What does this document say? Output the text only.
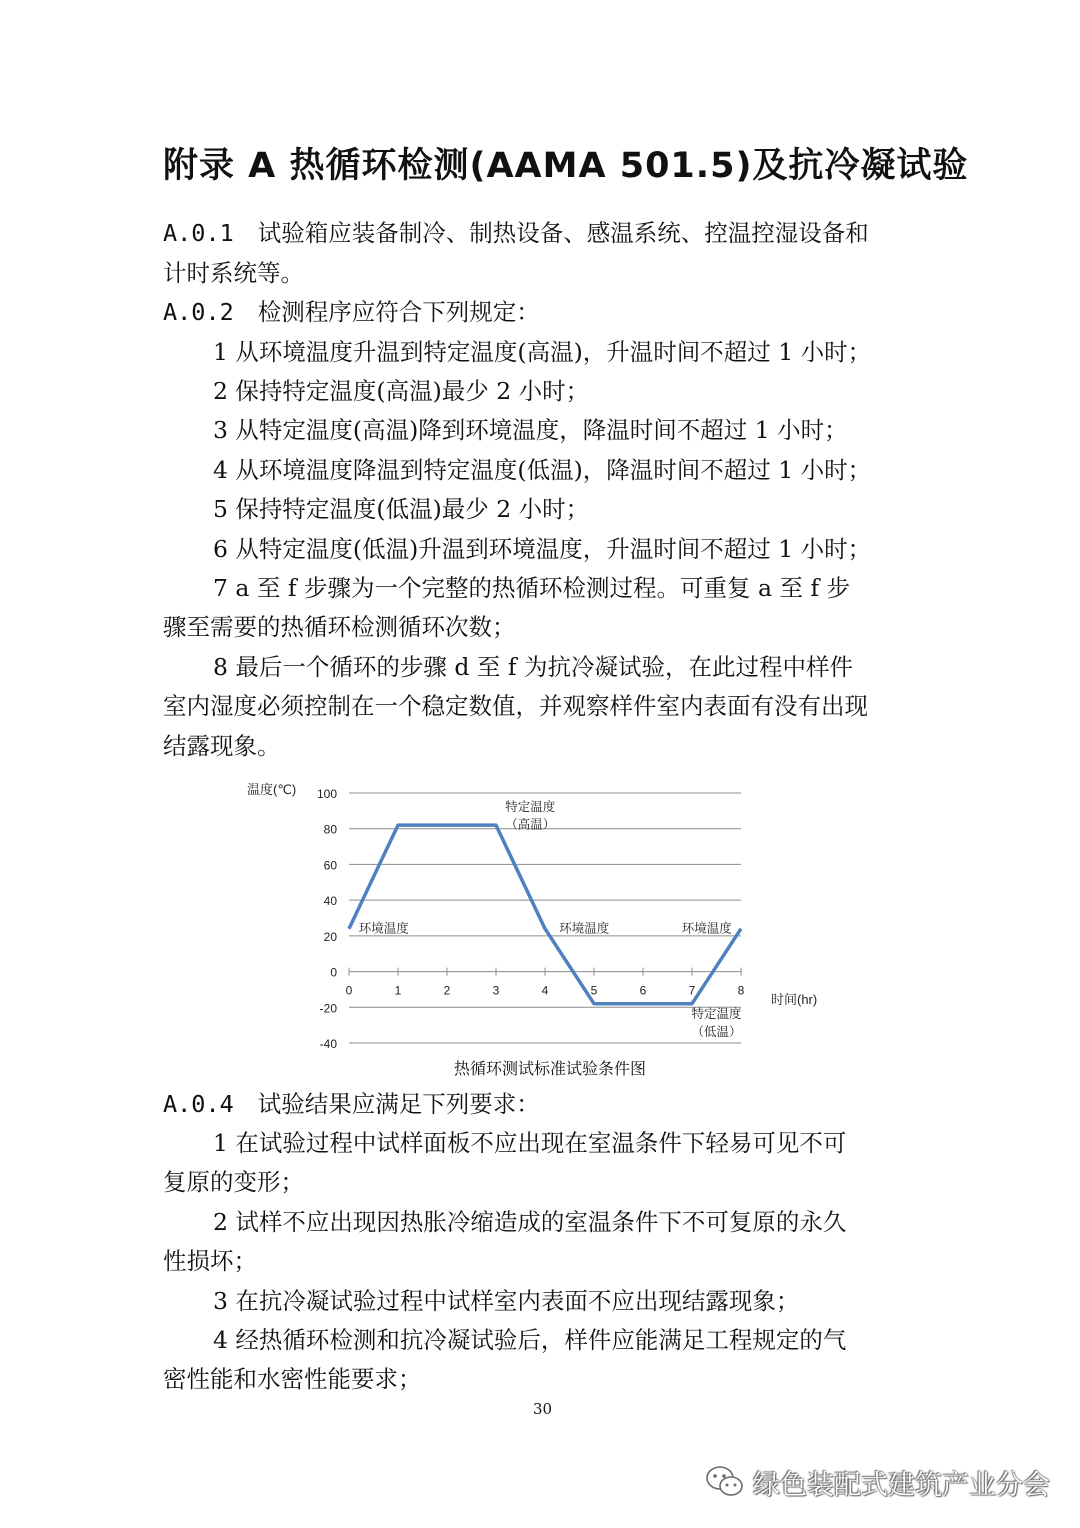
附录 A 热循环检测(AAMA 501.5)及抗冷凝试验
A.0.1 试验箱应装备制冷、制热设备、感温系统、控温控湿设备和
计时系统等。
A.0.2 检测程序应符合下列规定：
1 从环境温度升温到特定温度(高温)，升温时间不超过 1 小时；
2 保持特定温度(高温)最少 2 小时；
3 从特定温度(高温)降到环境温度，降温时间不超过 1 小时；
4 从环境温度降温到特定温度(低温)，降温时间不超过 1 小时；
5 保持特定温度(低温)最少 2 小时；
6 从特定温度(低温)升温到环境温度，升温时间不超过 1 小时；
7 a 至 f 步骤为一个完整的热循环检测过程。可重复 a 至 f 步
骤至需要的热循环检测循环次数；
8 最后一个循环的步骤 d 至 f 为抗冷凝试验，在此过程中样件
室内湿度必须控制在一个稳定数值，并观察样件室内表面有没有出现
结露现象。
100
80
60
40
20
0
-20
-40
0	1	2	3	4	5	6	7	8
环境温度
特定温度
（高温）
环境温度	环境温度
特定温度
（低温）
温度(℃)
时间(hr)
热循环测试标准试验条件图
A.0.4 试验结果应满足下列要求：
1 在试验过程中试样面板不应出现在室温条件下轻易可见不可
复原的变形；
2 试样不应出现因热胀冷缩造成的室温条件下不可复原的永久
性损坏；
3 在抗冷凝试验过程中试样室内表面不应出现结露现象；
4 经热循环检测和抗冷凝试验后，样件应能满足工程规定的气
密性能和水密性能要求；
30
绿色装配式建筑产业分会
